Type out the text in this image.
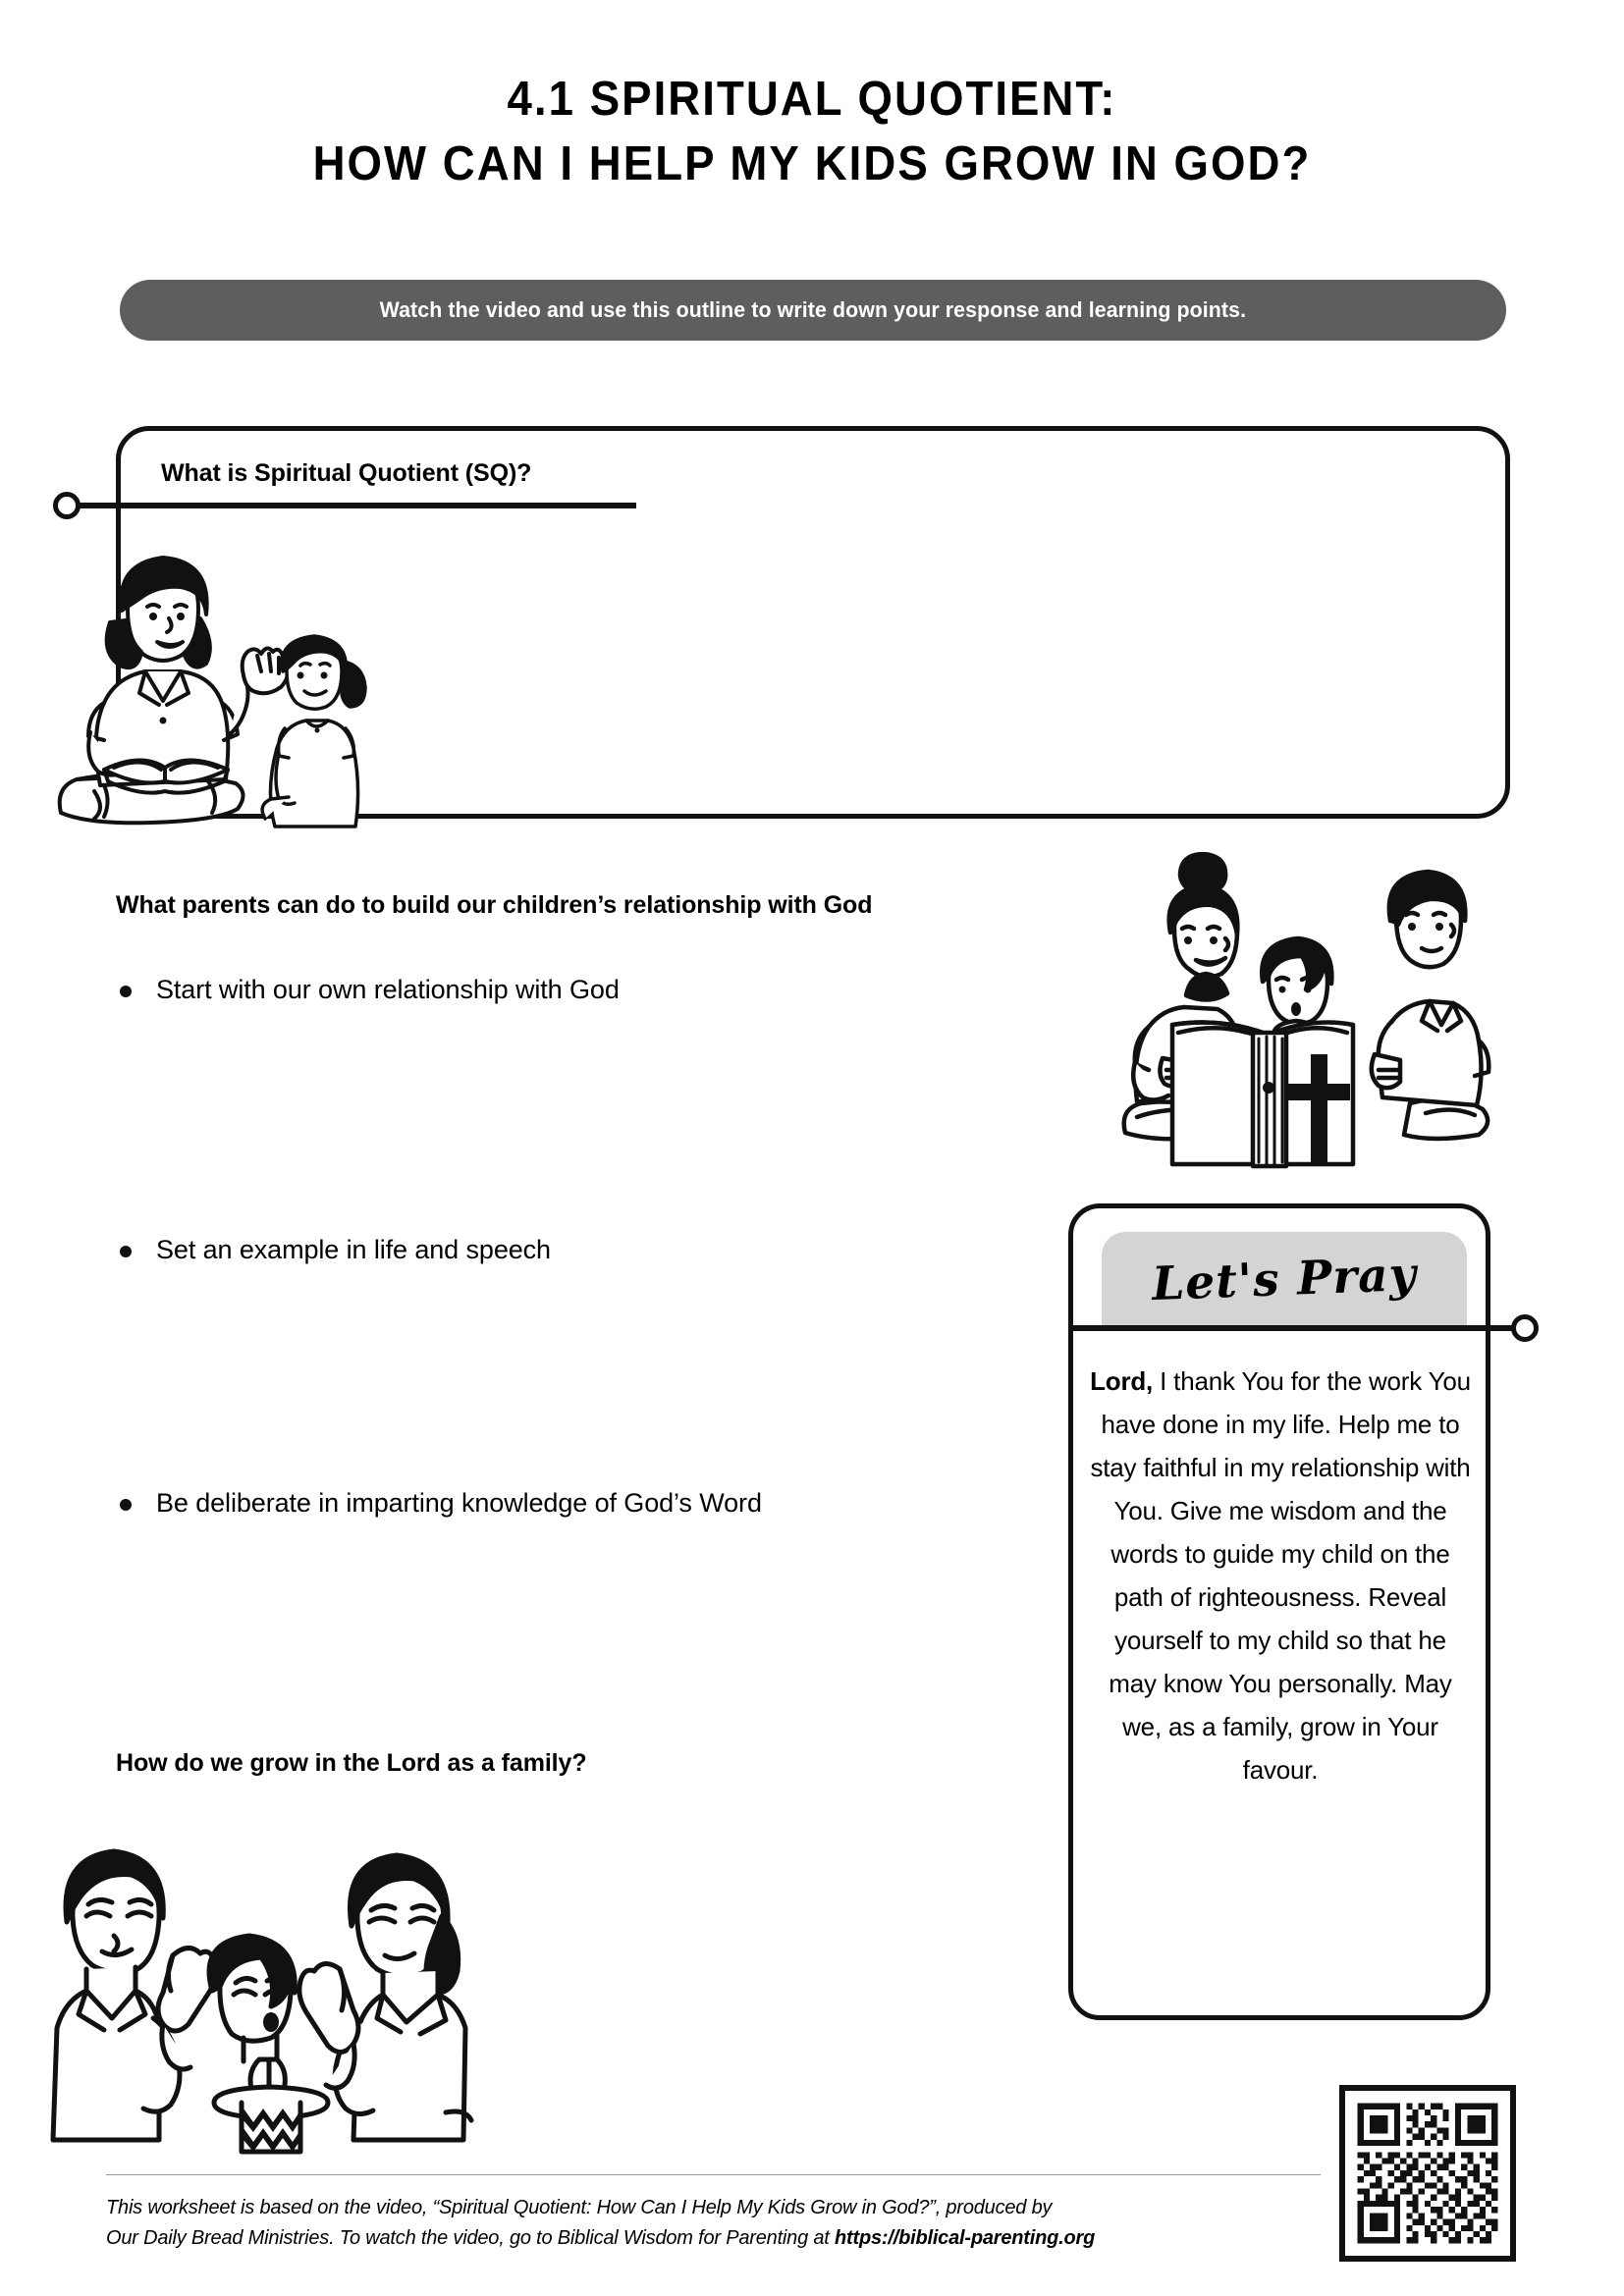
4.1 SPIRITUAL QUOTIENT:
HOW CAN I HELP MY KIDS GROW IN GOD?
Watch the video and use this outline to write down your response and learning points.
What is Spiritual Quotient (SQ)?
What parents can do to build our children’s relationship with God
Start with our own relationship with God
Set an example in life and speech
Be deliberate in imparting knowledge of God’s Word
Let's Pray
Lord, I thank You for the work You have done in my life. Help me to stay faithful in my relationship with You. Give me wisdom and the words to guide my child on the path of righteousness. Reveal yourself to my child so that he may know You personally. May we, as a family, grow in Your favour.
How do we grow in the Lord as a family?
This worksheet is based on the video, “Spiritual Quotient: How Can I Help My Kids Grow in God?”, produced by
Our Daily Bread Ministries. To watch the video, go to Biblical Wisdom for Parenting at https://biblical-parenting.org
